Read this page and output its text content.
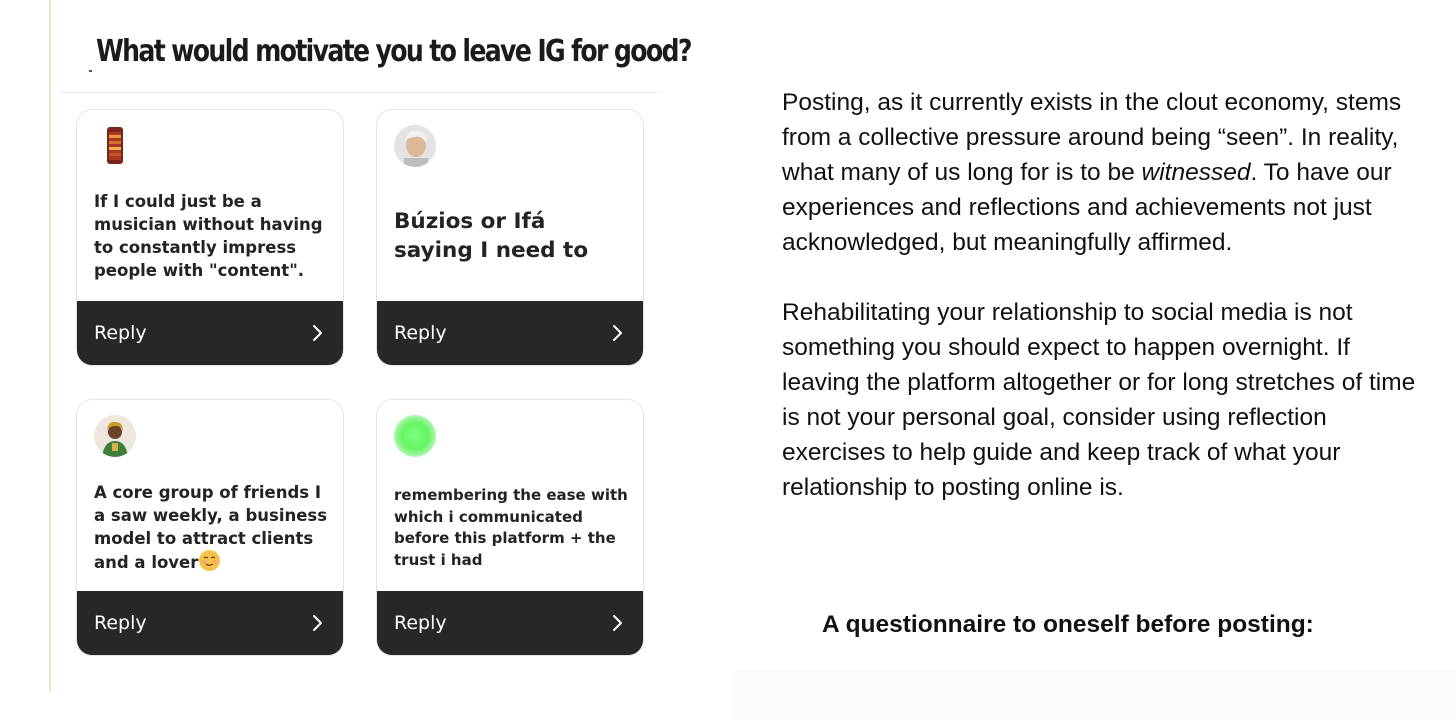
What would motivate you to leave IG for good?
If I could just be a musician without having to constantly impress people with "content".
Reply
Búzios or Ifá saying I need to
Reply
A core group of friends I a saw weekly, a business model to attract clients and a lover
Reply
remembering the ease with which i communicated before this platform + the trust i had
Reply

Posting, as it currently exists in the clout economy, stems from a collective pressure around being “seen”. In reality, what many of us long for is to be witnessed. To have our experiences and reflections and achievements not just acknowledged, but meaningfully affirmed.

Rehabilitating your relationship to social media is not something you should expect to happen overnight. If leaving the platform altogether or for long stretches of time is not your personal goal, consider using reflection exercises to help guide and keep track of what your relationship to posting online is.

A questionnaire to oneself before posting:
